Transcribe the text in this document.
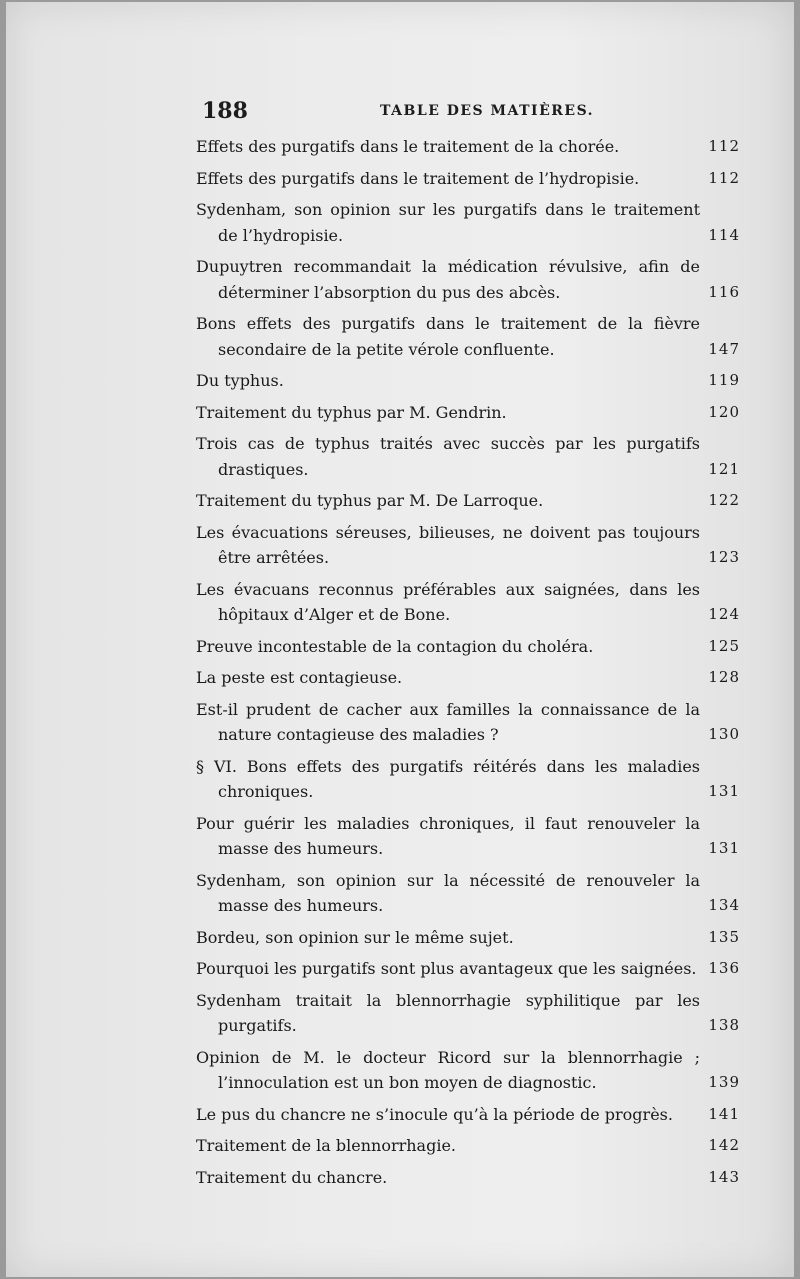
188	TABLE DES MATIÈRES.
Effets des purgatifs dans le traitement de la chorée.	112
Effets des purgatifs dans le traitement de l’hydropisie.	112
Sydenham, son opinion sur les purgatifs dans le traitement de l’hydropisie.	114
Dupuytren recommandait la médication révulsive, afin de déterminer l’absorption du pus des abcès.	116
Bons effets des purgatifs dans le traitement de la fièvre secondaire de la petite vérole confluente.	147
Du typhus.	119
Traitement du typhus par M. Gendrin.	120
Trois cas de typhus traités avec succès par les purgatifs drastiques.	121
Traitement du typhus par M. De Larroque.	122
Les évacuations séreuses, bilieuses, ne doivent pas toujours être arrêtées.	123
Les évacuans reconnus préférables aux saignées, dans les hôpitaux d’Alger et de Bone.	124
Preuve incontestable de la contagion du choléra.	125
La peste est contagieuse.	128
Est-il prudent de cacher aux familles la connaissance de la nature contagieuse des maladies ?	130
§ VI. Bons effets des purgatifs réitérés dans les maladies chroniques.	131
Pour guérir les maladies chroniques, il faut renouveler la masse des humeurs.	131
Sydenham, son opinion sur la nécessité de renouveler la masse des humeurs.	134
Bordeu, son opinion sur le même sujet.	135
Pourquoi les purgatifs sont plus avantageux que les saignées. 136
Sydenham traitait la blennorrhagie syphilitique par les purgatifs.	138
Opinion de M. le docteur Ricord sur la blennorrhagie ; l’innoculation est un bon moyen de diagnostic.	139
Le pus du chancre ne s’inocule qu’à la période de progrès. 141
Traitement de la blennorrhagie.	142
Traitement du chancre.	143
